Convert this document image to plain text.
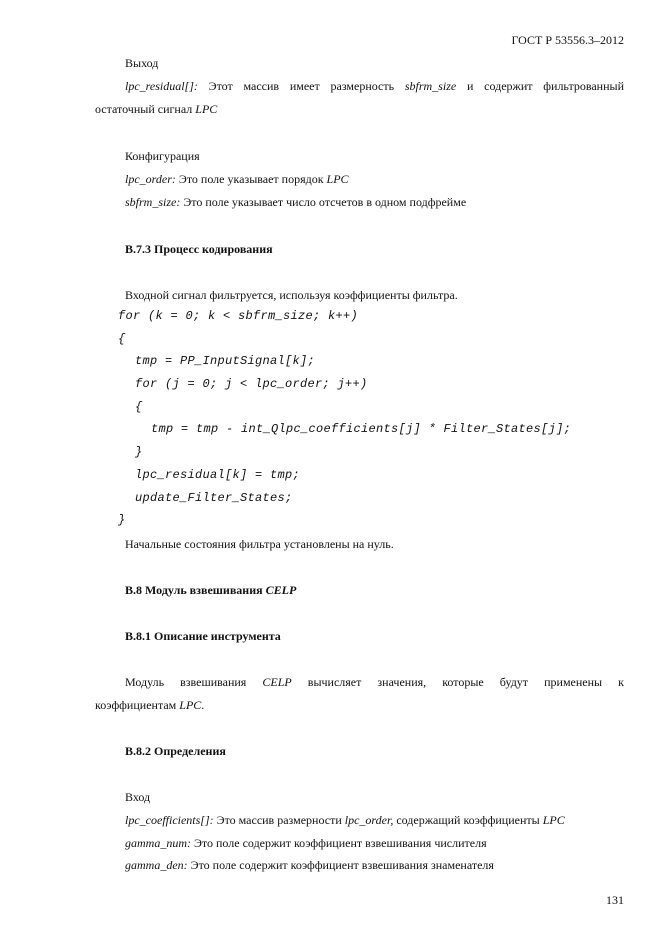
ГОСТ Р 53556.3–2012
Выход
lpc_residual[]: Этот массив имеет размерность sbfrm_size и содержит фильтрованный
остаточный сигнал LPC
Конфигурация
lpc_order: Это поле указывает порядок LPC
sbfrm_size: Это поле указывает число отсчетов в одном подфрейме
B.7.3 Процесс кодирования
Входной сигнал фильтруется, используя коэффициенты фильтра.
for (k = 0; k < sbfrm_size; k++)
{
tmp = PP_InputSignal[k];
for (j = 0; j < lpc_order; j++)
{
tmp = tmp - int_Qlpc_coefficients[j] * Filter_States[j];
}
lpc_residual[k] = tmp;
update_Filter_States;
}
Начальные состояния фильтра установлены на нуль.
B.8 Модуль взвешивания CELP
B.8.1 Описание инструмента
Модуль взвешивания CELP вычисляет значения, которые будут применены к
коэффициентам LPC.
B.8.2 Определения
Вход
lpc_coefficients[]: Это массив размерности lpc_order, содержащий коэффициенты LPC
gamma_num: Это поле содержит коэффициент взвешивания числителя
gamma_den: Это поле содержит коэффициент взвешивания знаменателя
131
